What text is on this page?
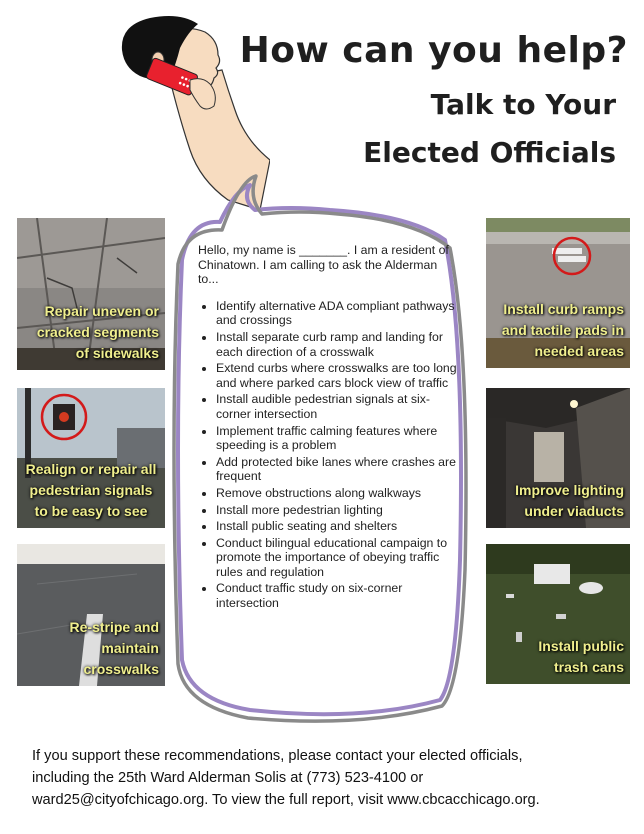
How can you help?
Talk to Your
Elected Officials

Hello, my name is _______. I am a resident of Chinatown. I am calling to ask the Alderman to...

• Identify alternative ADA compliant pathways and crossings
• Install separate curb ramp and landing for each direction of a crosswalk
• Extend curbs where crosswalks are too long and where parked cars block view of traffic
• Install audible pedestrian signals at six-corner intersection
• Implement traffic calming features where speeding is a problem
• Add protected bike lanes where crashes are frequent
• Remove obstructions along walkways
• Install more pedestrian lighting
• Install public seating and shelters
• Conduct bilingual educational campaign to promote the importance of obeying traffic rules and regulation
• Conduct traffic study on six-corner intersection
Repair uneven or
cracked segments
of sidewalks
Realign or repair all
pedestrian signals
to be easy to see
Re-stripe and
maintain
crosswalks
Install curb ramps
and tactile pads in
needed areas
Improve lighting
under viaducts
Install public
trash cans
If you support these recommendations, please contact your elected officials,
including the 25th Ward Alderman Solis at (773) 523-4100 or
ward25@cityofchicago.org. To view the full report, visit www.cbcacchicago.org.
